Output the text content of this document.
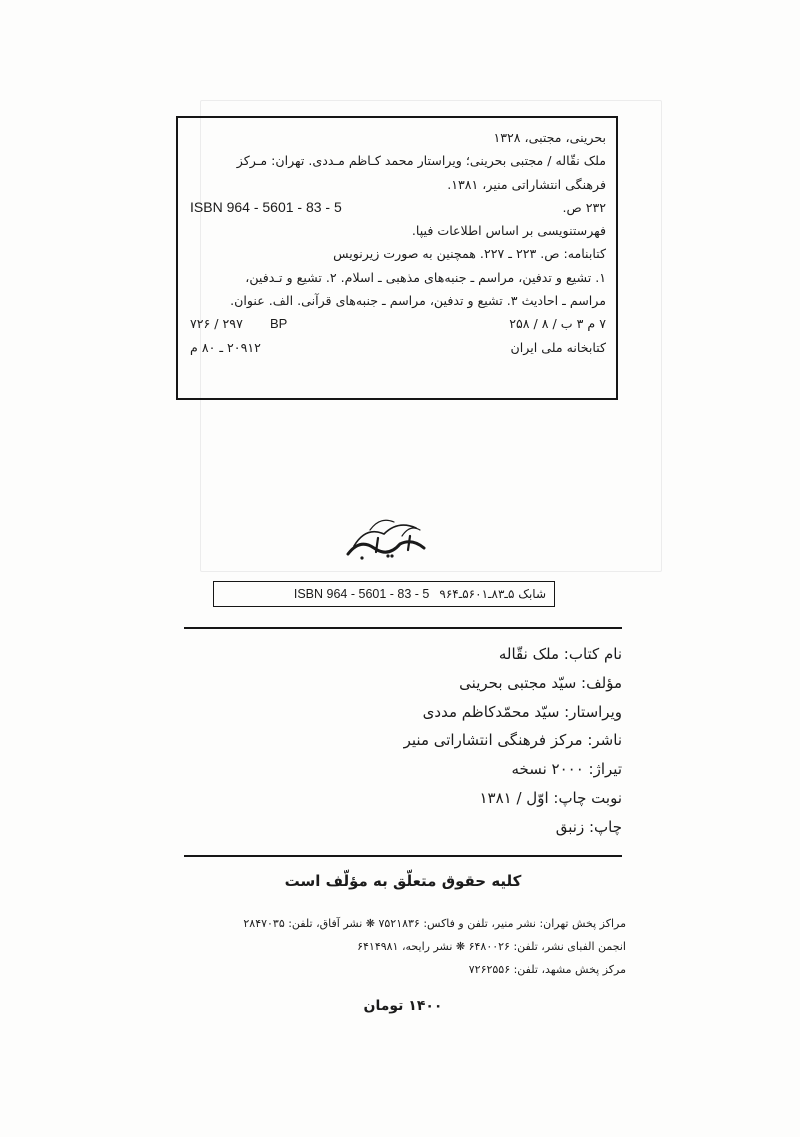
بحرینی، مجتبی، ۱۳۲۸
ملک نقّاله / مجتبی بحرینی؛ ویراستار محمد کـاظم مـددی. تهران: مـرکز
فرهنگی انتشاراتی منیر، ۱۳۸۱.
۲۳۲ ص.
ISBN 964 - 5601 - 83 - 5
فهرستنویسی بر اساس اطلاعات فیپا.
کتابنامه: ص. ۲۲۳ ـ ۲۲۷. همچنین به صورت زیرنویس
۱. تشیع و تدفین، مراسم ـ جنبه‌های مذهبی ـ اسلام. ۲. تشیع و تـدفین،
مراسم ـ احادیث ۳. تشیع و تدفین، مراسم ـ جنبه‌های قرآنی. الف. عنوان.
۷ م ۳ ب / ۸ / ۲۵۸
BP
۲۹۷ / ۷۲۶
کتابخانه ملی ایران
۲۰۹۱۲ ـ ۸۰ م
شابک ۵ـ۸۳ـ۵۶۰۱ـ۹۶۴
ISBN 964 - 5601 - 83 - 5
نام کتاب: ملک نقّاله
مؤلف: سیّد مجتبی بحرینی
ویراستار: سیّد محمّدکاظم مددی
ناشر: مرکز فرهنگی انتشاراتی منیر
تیراژ: ۲۰۰۰ نسخه
نوبت چاپ: اوّل / ۱۳۸۱
چاپ: زنبق
کلیه حقوق متعلّق به مؤلّف است
مراکز پخش تهران: نشر منیر، تلفن و فاکس: ۷۵۲۱۸۳۶ ❋ نشر آفاق، تلفن: ۲۸۴۷۰۳۵
انجمن الفبای نشر، تلفن: ۶۴۸۰۰۲۶ ❋ نشر رایحه، ۶۴۱۴۹۸۱
مرکز پخش مشهد، تلفن: ۷۲۶۲۵۵۶
۱۴۰۰ تومان
